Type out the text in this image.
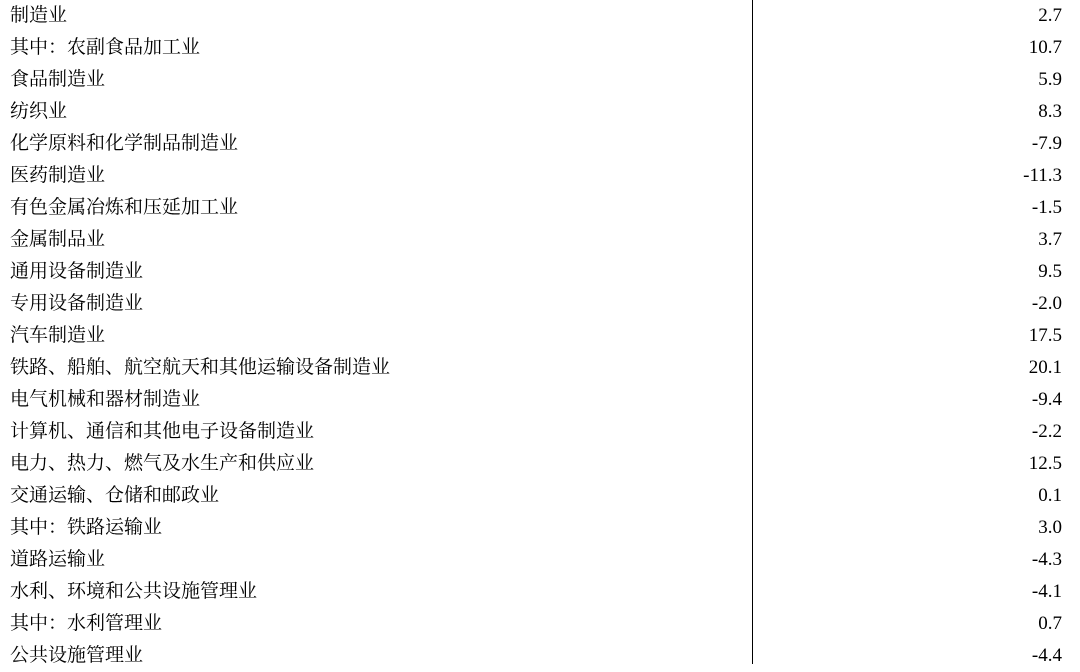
制造业	2.7
其中：农副食品加工业	10.7
食品制造业	5.9
纺织业	8.3
化学原料和化学制品制造业	-7.9
医药制造业	-11.3
有色金属冶炼和压延加工业	-1.5
金属制品业	3.7
通用设备制造业	9.5
专用设备制造业	-2.0
汽车制造业	17.5
铁路、船舶、航空航天和其他运输设备制造业	20.1
电气机械和器材制造业	-9.4
计算机、通信和其他电子设备制造业	-2.2
电力、热力、燃气及水生产和供应业	12.5
交通运输、仓储和邮政业	0.1
其中：铁路运输业	3.0
道路运输业	-4.3
水利、环境和公共设施管理业	-4.1
其中：水利管理业	0.7
公共设施管理业	-4.4
